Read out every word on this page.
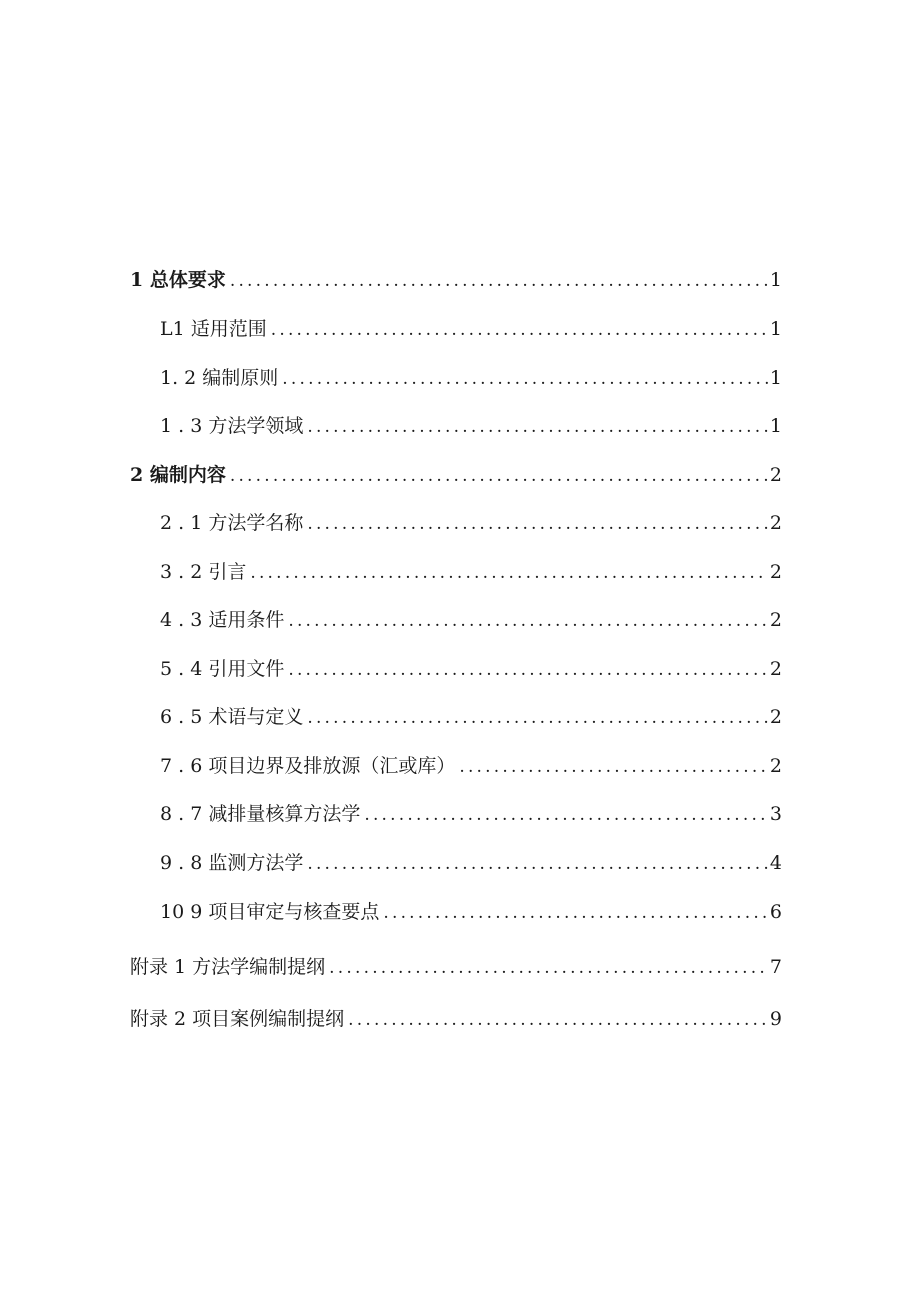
1 总体要求 .....	1
L1 适用范围 .....	1
1. 2 编制原则 .....	1
1 . 3 方法学领域 .....	1
2 编制内容 .....	2
2 . 1 方法学名称 .....	2
3 . 2 引言 .....	2
4 . 3 适用条件 .....	2
5 . 4 引用文件 .....	2
6 . 5 术语与定义 .....	2
7 . 6 项目边界及排放源（汇或库） .....	2
8 . 7 减排量核算方法学 .....	3
9 . 8 监测方法学 .....	4
10 9 项目审定与核查要点 .....	6
附录 1 方法学编制提纲 .....	7
附录 2 项目案例编制提纲 .....	9
